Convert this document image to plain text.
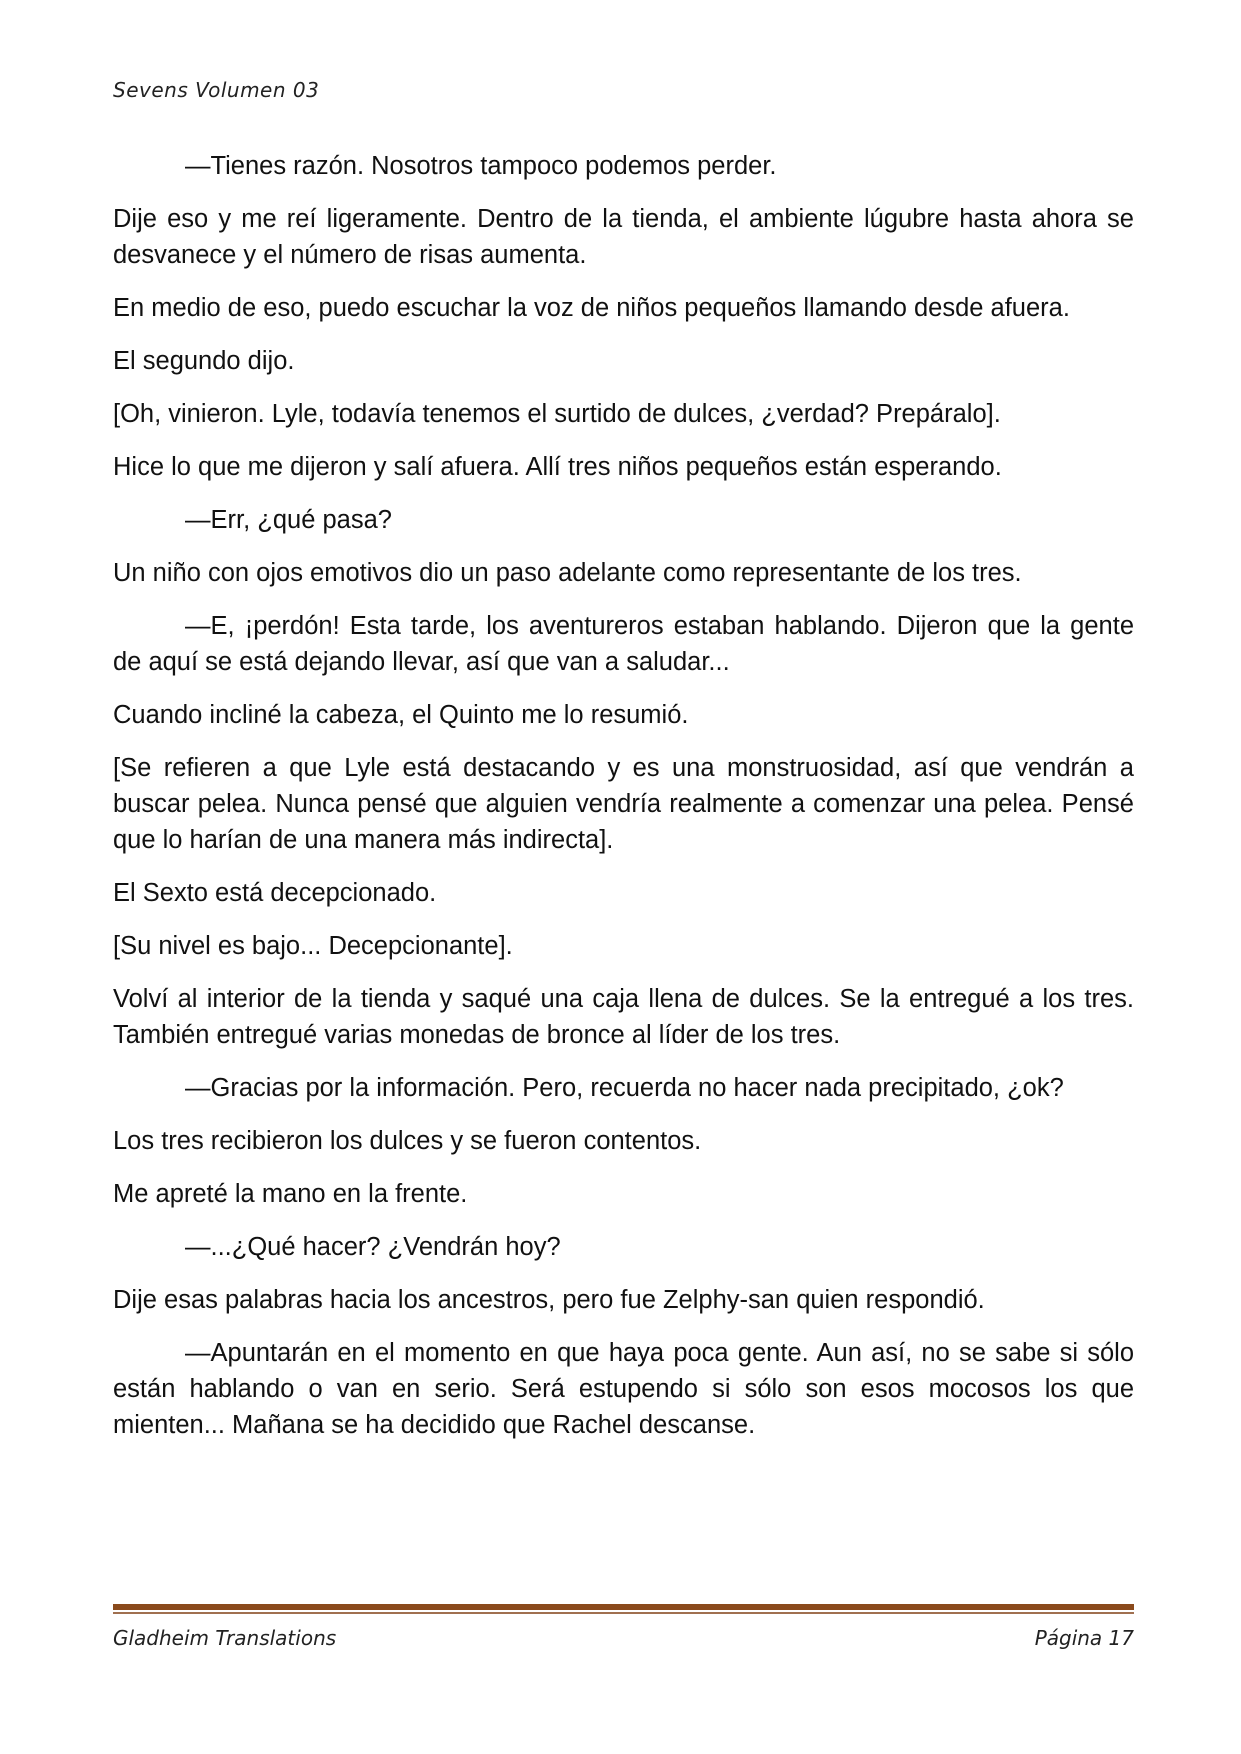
Sevens Volumen 03

—Tienes razón. Nosotros tampoco podemos perder.

Dije eso y me reí ligeramente. Dentro de la tienda, el ambiente lúgubre hasta ahora se desvanece y el número de risas aumenta.

En medio de eso, puedo escuchar la voz de niños pequeños llamando desde afuera.

El segundo dijo.

[Oh, vinieron. Lyle, todavía tenemos el surtido de dulces, ¿verdad? Prepáralo].

Hice lo que me dijeron y salí afuera. Allí tres niños pequeños están esperando.

—Err, ¿qué pasa?

Un niño con ojos emotivos dio un paso adelante como representante de los tres.

—E, ¡perdón! Esta tarde, los aventureros estaban hablando. Dijeron que la gente de aquí se está dejando llevar, así que van a saludar...

Cuando incliné la cabeza, el Quinto me lo resumió.

[Se refieren a que Lyle está destacando y es una monstruosidad, así que vendrán a buscar pelea. Nunca pensé que alguien vendría realmente a comenzar una pelea. Pensé que lo harían de una manera más indirecta].

El Sexto está decepcionado.

[Su nivel es bajo... Decepcionante].

Volví al interior de la tienda y saqué una caja llena de dulces. Se la entregué a los tres. También entregué varias monedas de bronce al líder de los tres.

—Gracias por la información. Pero, recuerda no hacer nada precipitado, ¿ok?

Los tres recibieron los dulces y se fueron contentos.

Me apreté la mano en la frente.

—...¿Qué hacer? ¿Vendrán hoy?

Dije esas palabras hacia los ancestros, pero fue Zelphy-san quien respondió.

—Apuntarán en el momento en que haya poca gente. Aun así, no se sabe si sólo están hablando o van en serio. Será estupendo si sólo son esos mocosos los que mienten... Mañana se ha decidido que Rachel descanse.

Gladheim Translations	Página 17
